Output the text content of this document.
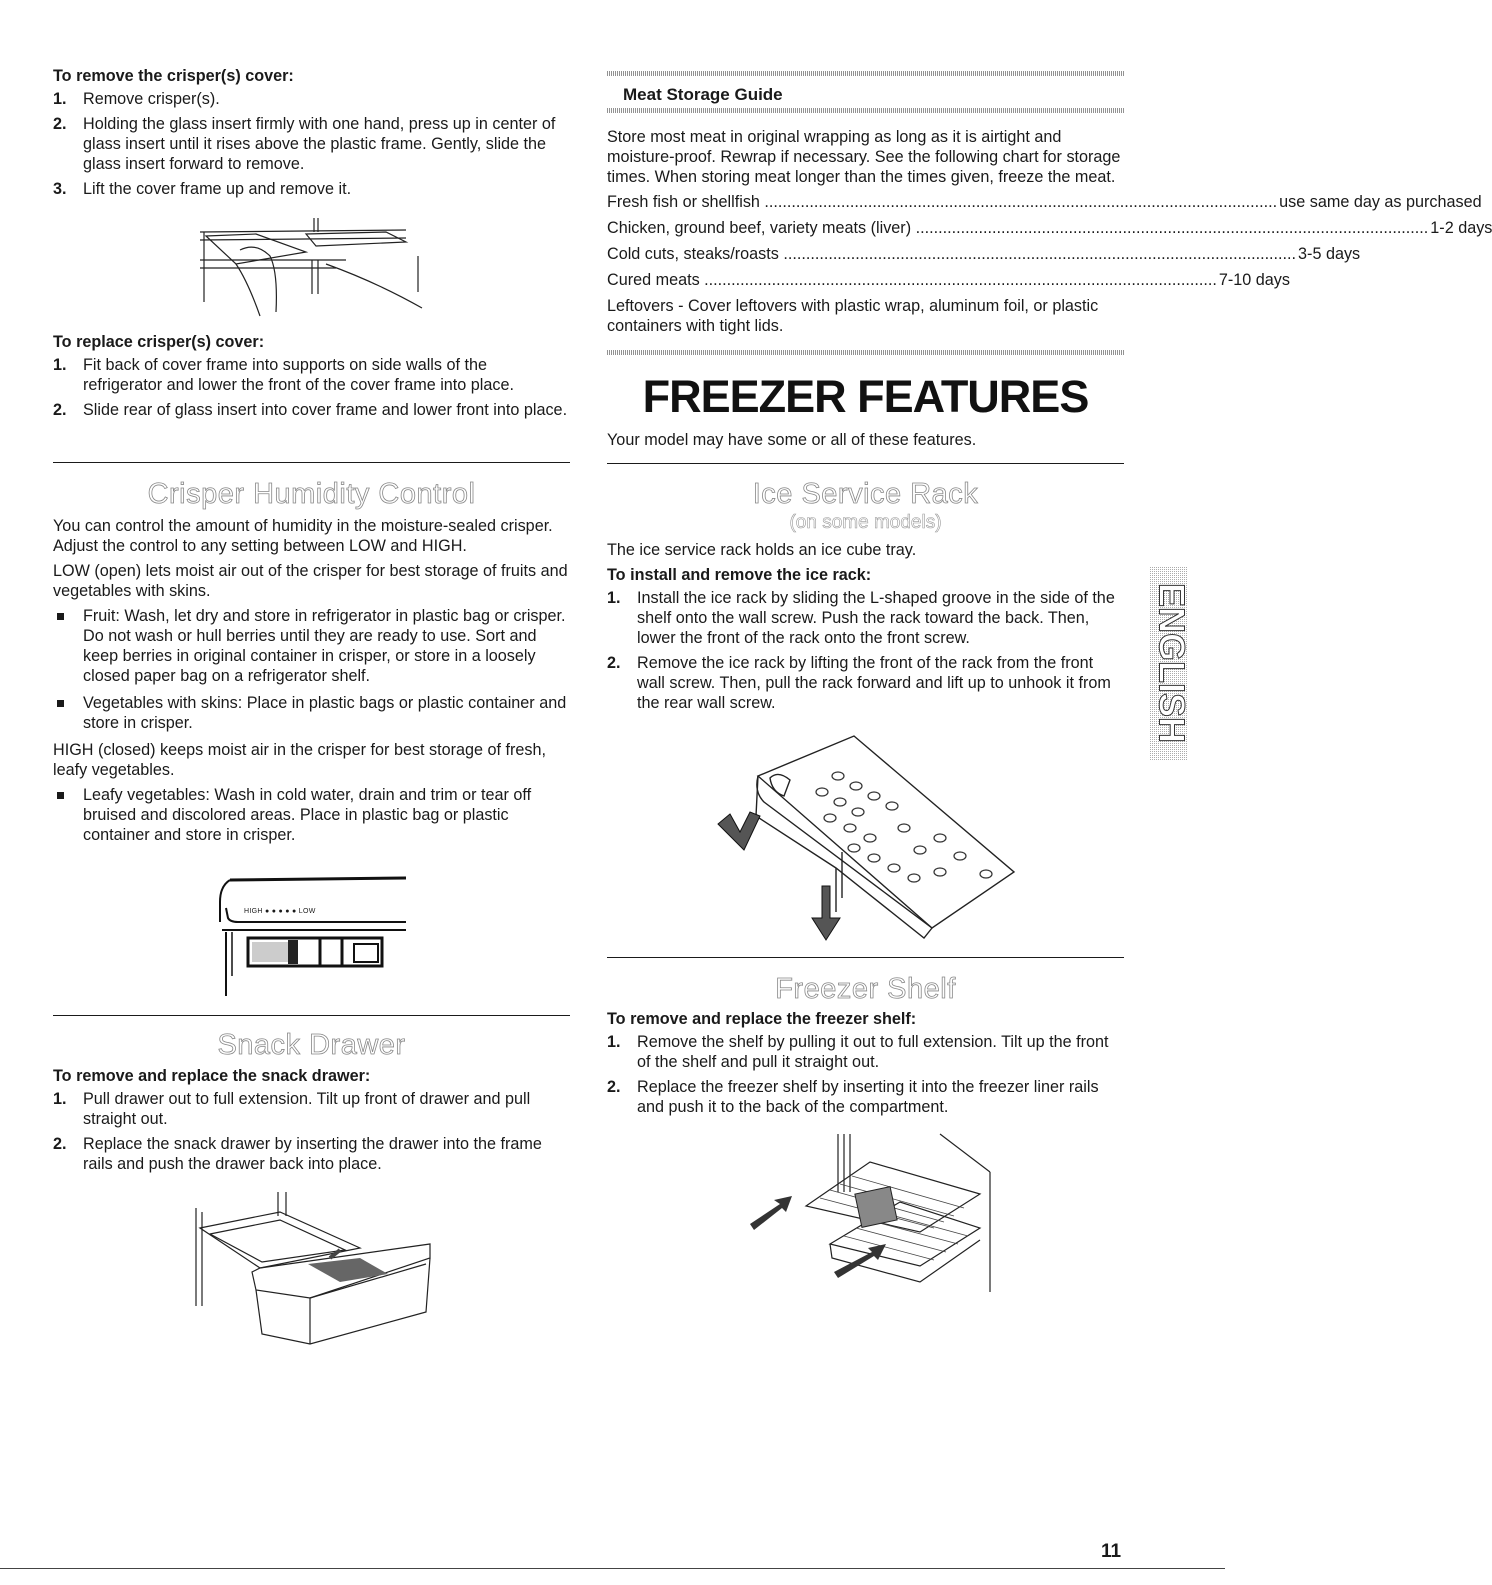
To remove the crisper(s) cover:
1. Remove crisper(s).
2. Holding the glass insert firmly with one hand, press up in center of glass insert until it rises above the plastic frame. Gently, slide the glass insert forward to remove.
3. Lift the cover frame up and remove it.
To replace crisper(s) cover:
1. Fit back of cover frame into supports on side walls of the refrigerator and lower the front of the cover frame into place.
2. Slide rear of glass insert into cover frame and lower front into place.
Crisper Humidity Control
You can control the amount of humidity in the moisture-sealed crisper. Adjust the control to any setting between LOW and HIGH.
LOW (open) lets moist air out of the crisper for best storage of fruits and vegetables with skins.
Fruit: Wash, let dry and store in refrigerator in plastic bag or crisper. Do not wash or hull berries until they are ready to use. Sort and keep berries in original container in crisper, or store in a loosely closed paper bag on a refrigerator shelf.
Vegetables with skins: Place in plastic bags or plastic container and store in crisper.
HIGH (closed) keeps moist air in the crisper for best storage of fresh, leafy vegetables.
Leafy vegetables: Wash in cold water, drain and trim or tear off bruised and discolored areas. Place in plastic bag or plastic container and store in crisper.
HIGH ● ● ● ● ● LOW
Snack Drawer
To remove and replace the snack drawer:
1. Pull drawer out to full extension. Tilt up front of drawer and pull straight out.
2. Replace the snack drawer by inserting the drawer into the frame rails and push the drawer back into place.
Meat Storage Guide
Store most meat in original wrapping as long as it is airtight and moisture-proof. Rewrap if necessary. See the following chart for storage times. When storing meat longer than the times given, freeze the meat.
Fresh fish or shellfish .....	use same day as purchased
Chicken, ground beef, variety meats (liver) .....	1-2 days
Cold cuts, steaks/roasts .....	3-5 days
Cured meats .....	7-10 days
Leftovers - Cover leftovers with plastic wrap, aluminum foil, or plastic containers with tight lids.
FREEZER FEATURES
Your model may have some or all of these features.
Ice Service Rack
(on some models)
The ice service rack holds an ice cube tray.
To install and remove the ice rack:
1. Install the ice rack by sliding the L-shaped groove in the side of the shelf onto the wall screw. Push the rack toward the back. Then, lower the front of the rack onto the front screw.
2. Remove the ice rack by lifting the front of the rack from the front wall screw. Then, pull the rack forward and lift up to unhook it from the rear wall screw.
Freezer Shelf
To remove and replace the freezer shelf:
1. Remove the shelf by pulling it out to full extension. Tilt up the front of the shelf and pull it straight out.
2. Replace the freezer shelf by inserting it into the freezer liner rails and push it to the back of the compartment.
ENGLISH
11
